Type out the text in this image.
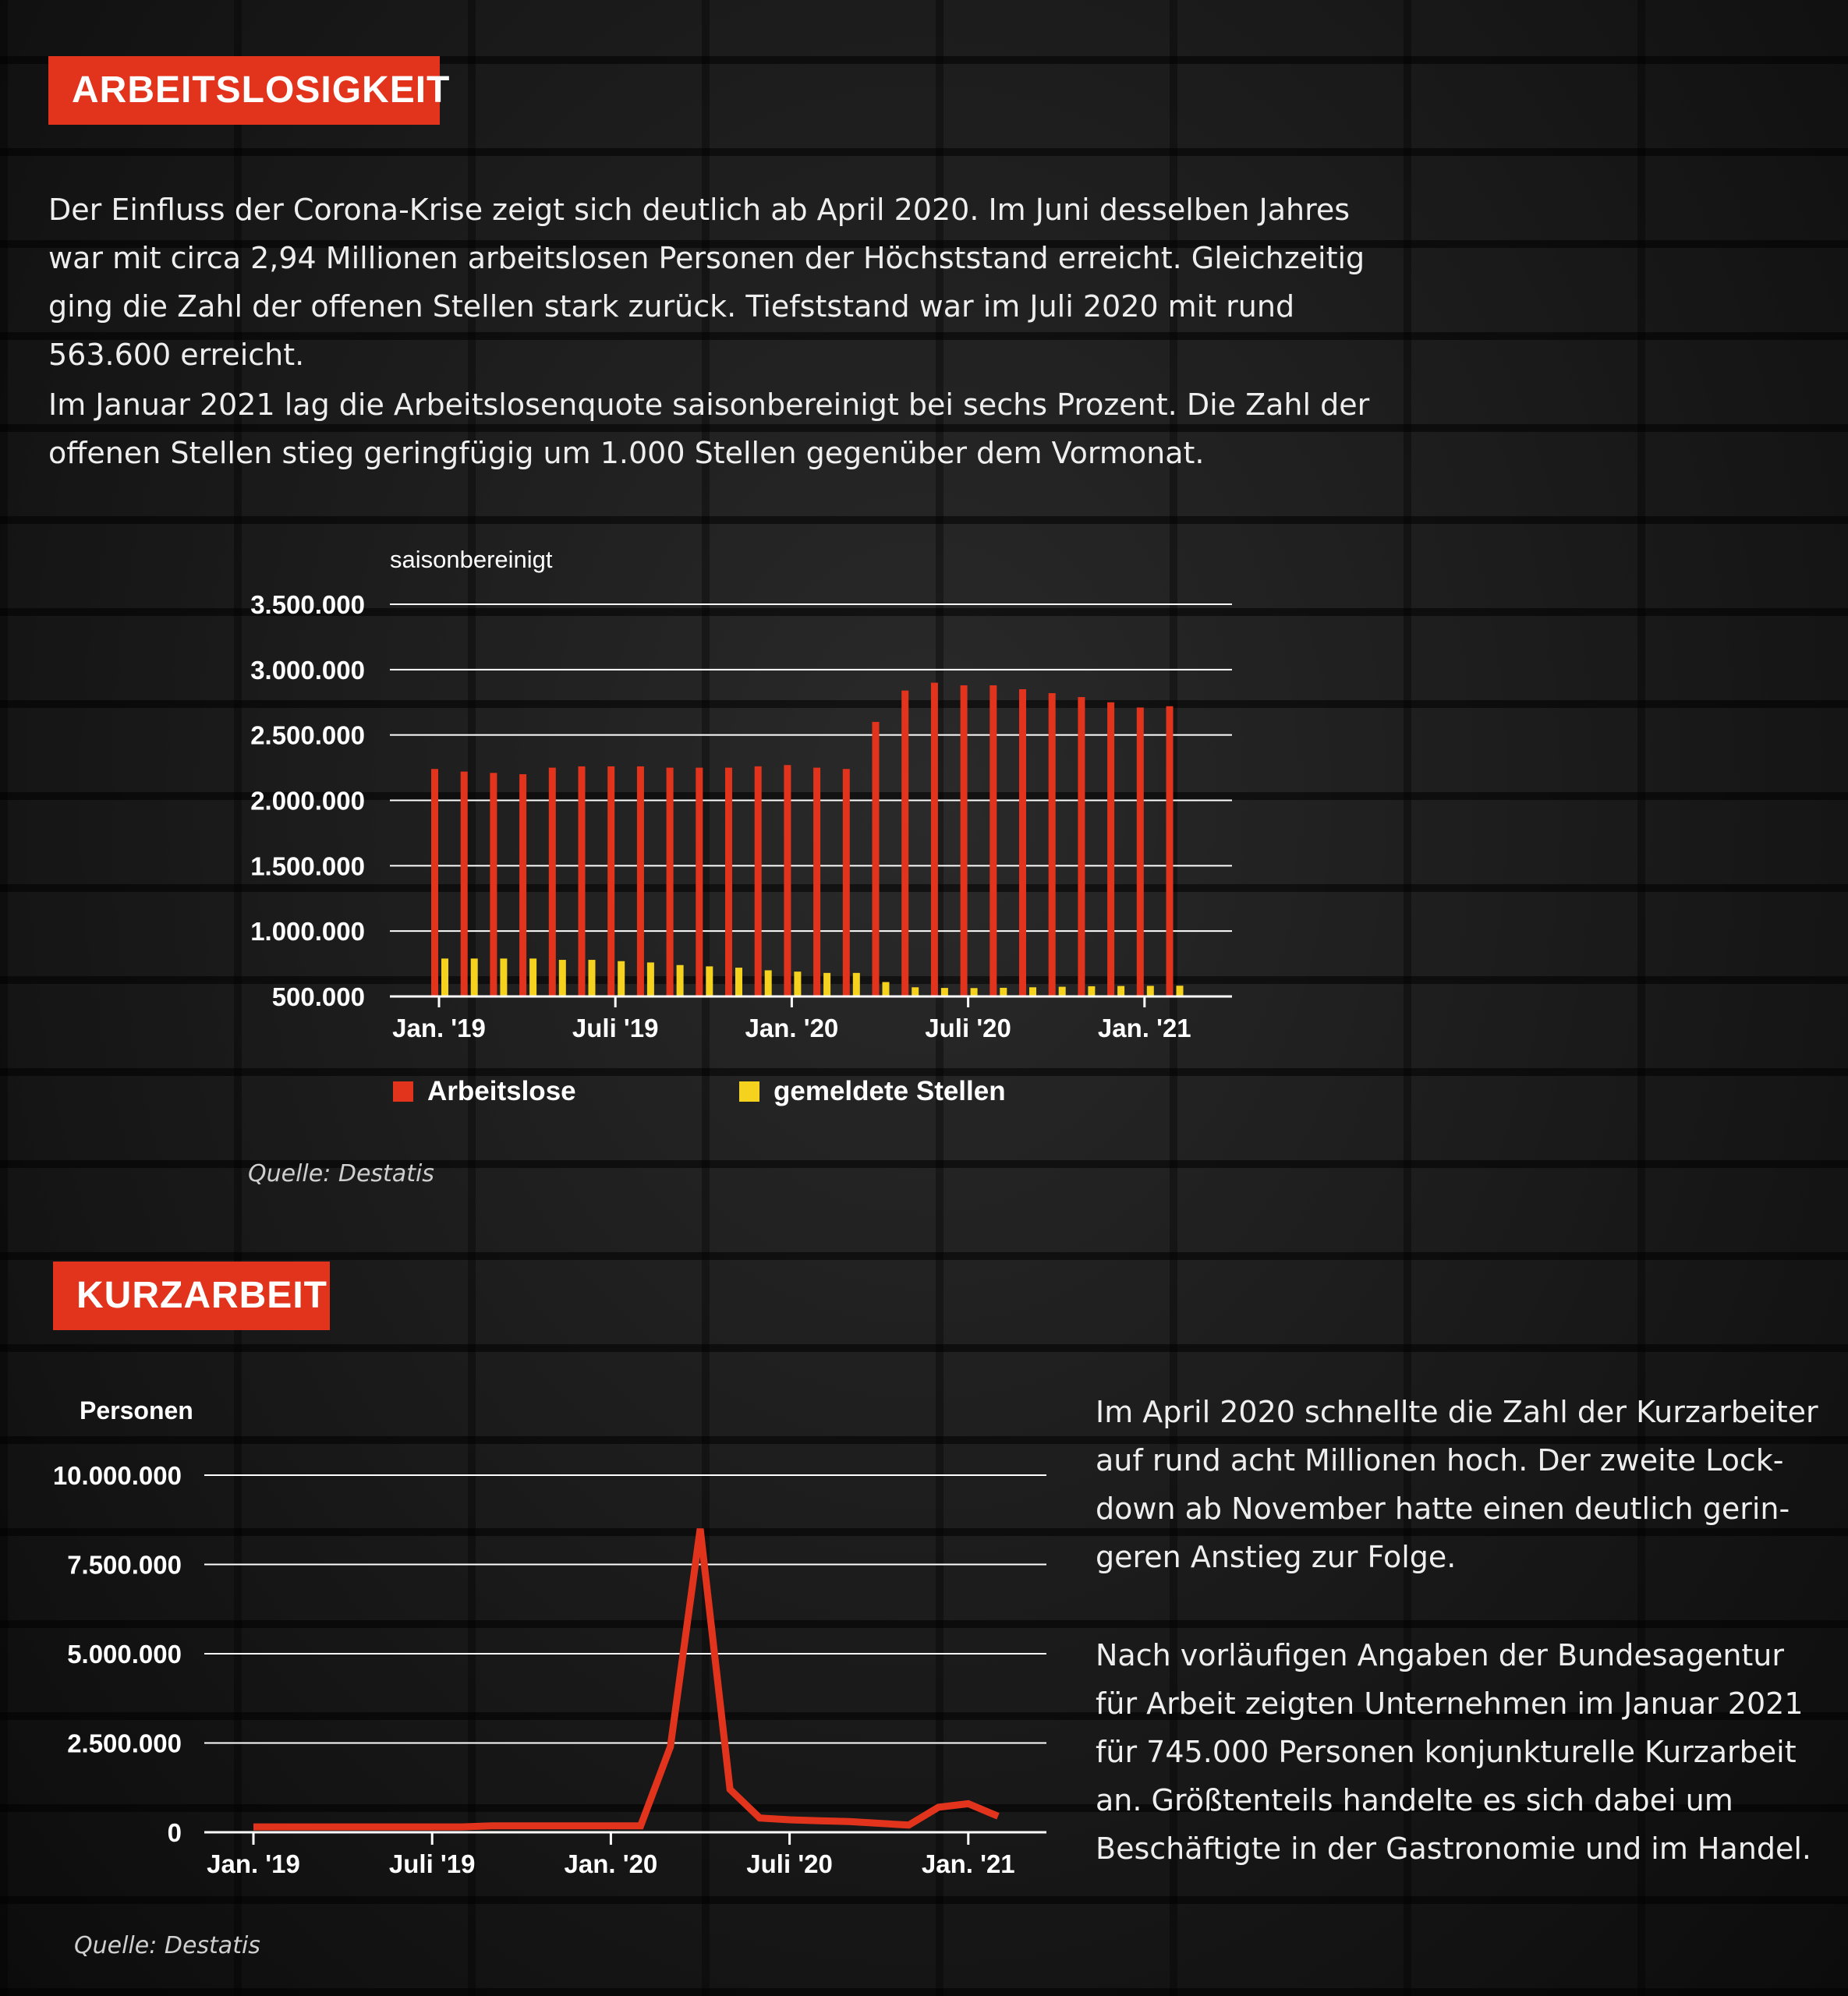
ARBEITSLOSIGKEIT

Der Einfluss der Corona-Krise zeigt sich deutlich ab April 2020. Im Juni desselben Jahres war mit circa 2,94 Millionen arbeitslosen Personen der Höchststand erreicht. Gleichzeitig ging die Zahl der offenen Stellen stark zurück. Tiefststand war im Juli 2020 mit rund 563.600 erreicht.

Im Januar 2021 lag die Arbeitslosenquote saisonbereinigt bei sechs Prozent. Die Zahl der offenen Stellen stieg geringfügig um 1.000 Stellen gegenüber dem Vormonat.

saisonbereinigt
3.500.000
3.000.000
2.500.000
2.000.000
1.500.000
1.000.000
500.000
Jan. '19	Juli '19	Jan. '20	Juli '20	Jan. '21
Arbeitslose	gemeldete Stellen
Quelle: Destatis
KURZARBEIT
Personen
10.000.000
7.500.000
5.000.000
2.500.000
0
Jan. '19	Juli '19	Jan. '20	Juli '20	Jan. '21

Im April 2020 schnellte die Zahl der Kurzarbeiter auf rund acht Millionen hoch. Der zweite Lockdown ab November hatte einen deutlich geringeren Anstieg zur Folge.

Nach vorläufigen Angaben der Bundesagentur für Arbeit zeigten Unternehmen im Januar 2021 für 745.000 Personen konjunkturelle Kurzarbeit an. Größtenteils handelte es sich dabei um Beschäftigte in der Gastronomie und im Handel.

Quelle: Destatis
